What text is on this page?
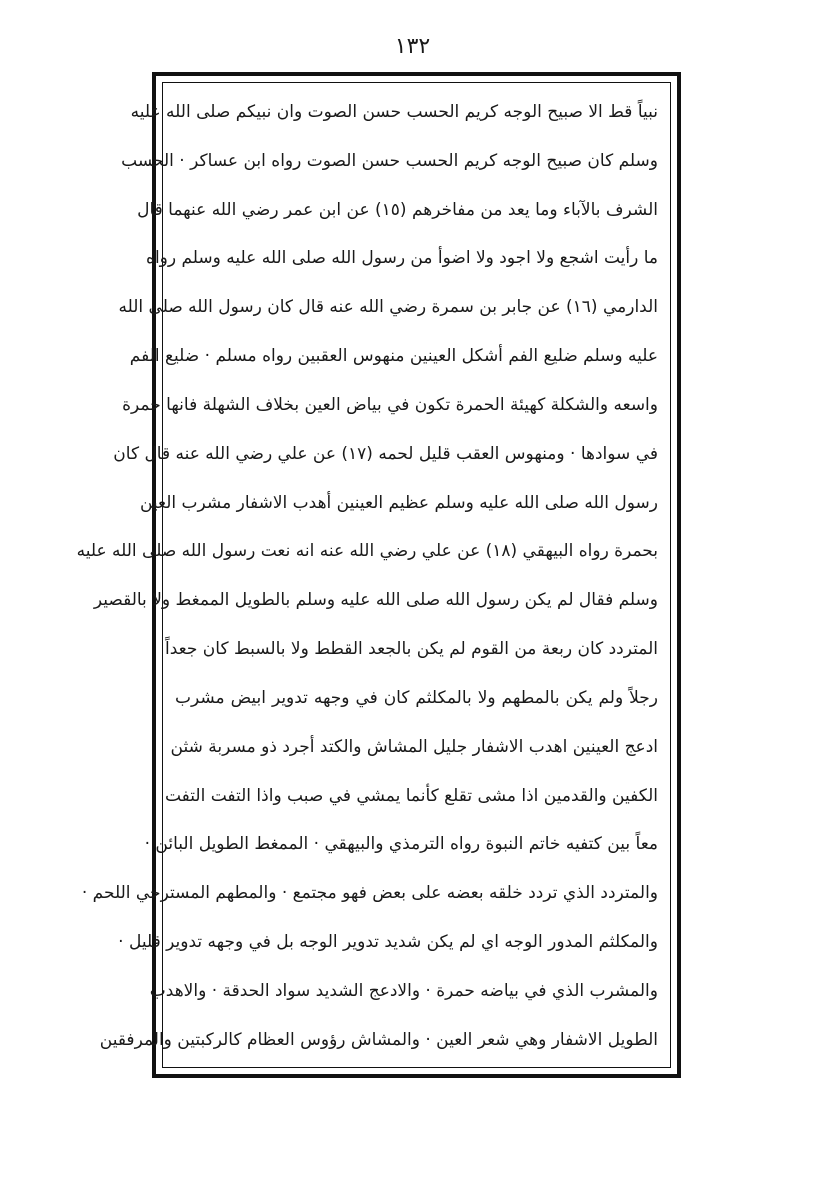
١٣٢
نبياً قط الا صبيح الوجه كريم الحسب حسن الصوت وان نبيكم صلى الله عليه
وسلم كان صبيح الوجه كريم الحسب حسن الصوت رواه ابن عساكر · الحسب
الشرف بالآباء وما يعد من مفاخرهم (١٥) عن ابن عمر رضي الله عنهما قال
ما رأيت اشجع ولا اجود ولا اضوأ من رسول الله صلى الله عليه وسلم رواه
الدارمي (١٦) عن جابر بن سمرة رضي الله عنه قال كان رسول الله صلى الله
عليه وسلم ضليع الفم أشكل العينين منهوس العقبين رواه مسلم · ضليع الفم
واسعه والشكلة كهيئة الحمرة تكون في بياض العين بخلاف الشهلة فانها حمرة
في سوادها · ومنهوس العقب قليل لحمه (١٧) عن علي رضي الله عنه قال كان
رسول الله صلى الله عليه وسلم عظيم العينين أهدب الاشفار مشرب العين
بحمرة رواه البيهقي (١٨) عن علي رضي الله عنه انه نعت رسول الله صلى الله عليه
وسلم فقال لم يكن رسول الله صلى الله عليه وسلم بالطويل الممغط ولا بالقصير
المتردد كان ربعة من القوم لم يكن بالجعد القطط ولا بالسبط كان جعداً
رجلاً ولم يكن بالمطهم ولا بالمكلثم كان في وجهه تدوير ابيض مشرب
ادعج العينين اهدب الاشفار جليل المشاش والكتد أجرد ذو مسربة شثن
الكفين والقدمين اذا مشى تقلع كأنما يمشي في صبب واذا التفت التفت
معاً بين كتفيه خاتم النبوة رواه الترمذي والبيهقي · الممغط الطويل البائن ·
والمتردد الذي تردد خلقه بعضه على بعض فهو مجتمع · والمطهم المسترخي اللحم ·
والمكلثم المدور الوجه اي لم يكن شديد تدوير الوجه بل في وجهه تدوير قليل ·
والمشرب الذي في بياضه حمرة · والادعج الشديد سواد الحدقة · والاهدب
الطويل الاشفار وهي شعر العين · والمشاش رؤوس العظام كالركبتين والمرفقين
